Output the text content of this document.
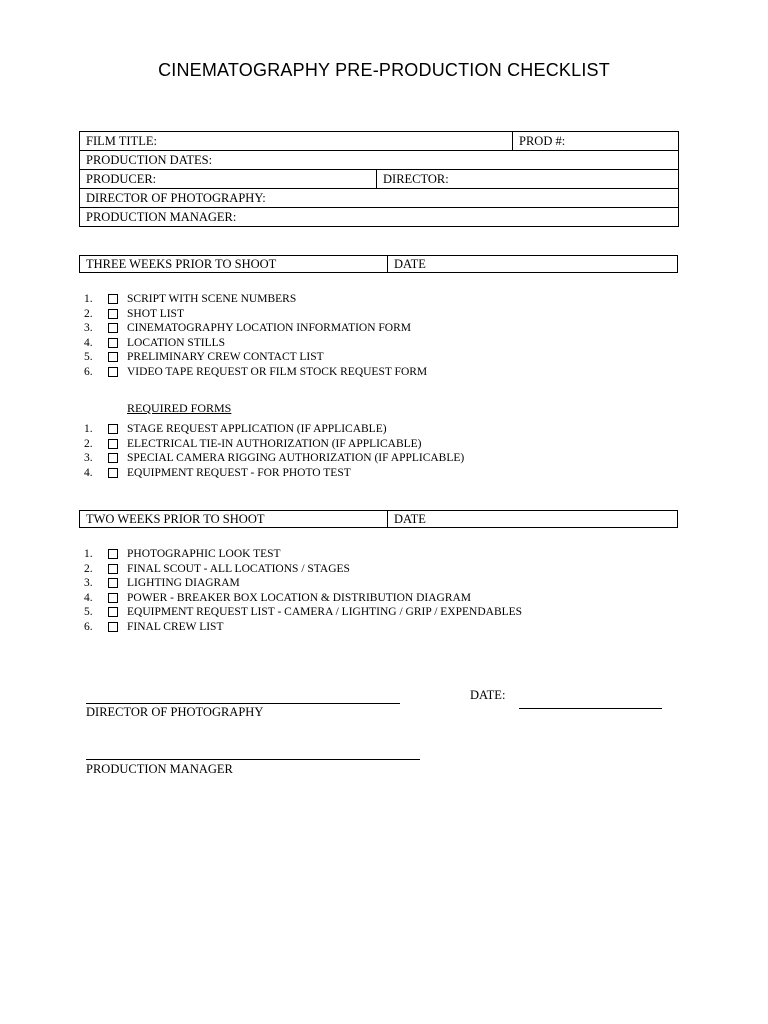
CINEMATOGRAPHY PRE-PRODUCTION CHECKLIST
FILM TITLE:		PROD #:
PRODUCTION DATES:		
PRODUCER:	DIRECTOR:	
DIRECTOR OF PHOTOGRAPHY:		
PRODUCTION MANAGER:		
THREE WEEKS PRIOR TO SHOOT	DATE
1.	SCRIPT WITH SCENE NUMBERS
2.	SHOT LIST
3.	CINEMATOGRAPHY LOCATION INFORMATION FORM
4.	LOCATION STILLS
5.	PRELIMINARY CREW CONTACT LIST
6.	VIDEO TAPE REQUEST OR FILM STOCK REQUEST FORM
REQUIRED FORMS
1.	STAGE REQUEST APPLICATION (IF APPLICABLE)
2.	ELECTRICAL TIE-IN AUTHORIZATION (IF APPLICABLE)
3.	SPECIAL CAMERA RIGGING AUTHORIZATION (IF APPLICABLE)
4.	EQUIPMENT REQUEST - FOR PHOTO TEST
TWO WEEKS PRIOR TO SHOOT	DATE
1.	PHOTOGRAPHIC LOOK TEST
2.	FINAL SCOUT - ALL LOCATIONS / STAGES
3.	LIGHTING DIAGRAM
4.	POWER - BREAKER BOX LOCATION & DISTRIBUTION DIAGRAM
5.	EQUIPMENT REQUEST LIST - CAMERA / LIGHTING / GRIP / EXPENDABLES
6.	FINAL CREW LIST
DIRECTOR OF PHOTOGRAPHY
DATE:
PRODUCTION MANAGER
